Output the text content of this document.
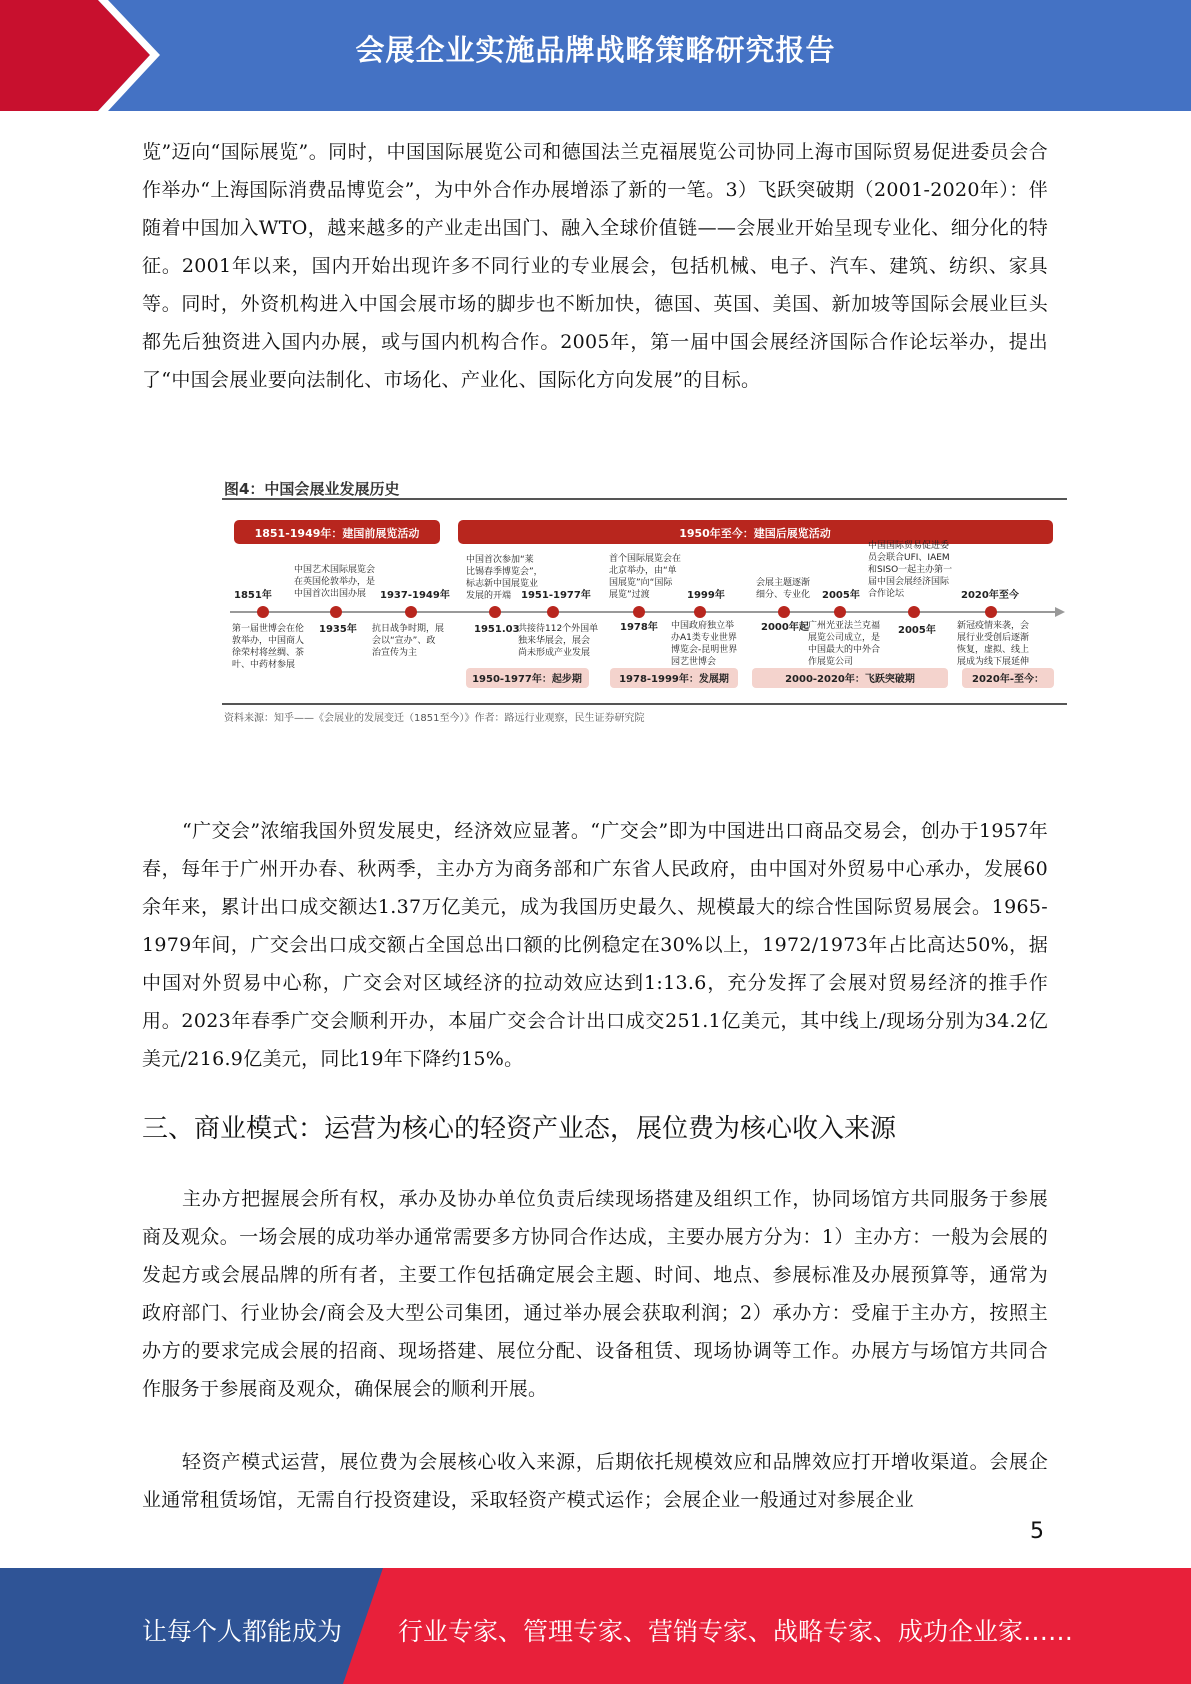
会展企业实施品牌战略策略研究报告

览”迈向“国际展览”。同时，中国国际展览公司和德国法兰克福展览公司协同上海市国际贸易促进委员会合作举办“上海国际消费品博览会”，为中外合作办展增添了新的一笔。3）飞跃突破期（2001-2020年）：伴随着中国加入WTO，越来越多的产业走出国门、融入全球价值链——会展业开始呈现专业化、细分化的特征。2001年以来，国内开始出现许多不同行业的专业展会，包括机械、电子、汽车、建筑、纺织、家具等。同时，外资机构进入中国会展市场的脚步也不断加快，德国、英国、美国、新加坡等国际会展业巨头都先后独资进入国内办展，或与国内机构合作。2005年，第一届中国会展经济国际合作论坛举办，提出了“中国会展业要向法制化、市场化、产业化、国际化方向发展”的目标。

图4：中国会展业发展历史
1851-1949年：建国前展览活动	1950年至今：建国后展览活动
1851年
1935年
1937-1949年
1951.03
1951-1977年
1978年
1999年
2000年起
2005年
2005年
2020年至今
第一届世博会在伦 敦举办，中国商人 徐荣村将丝绸、茶 叶、中药材参展
中国艺术国际展览会 在英国伦敦举办，是 中国首次出国办展
抗日战争时期，展 会以“宣办”、政 治宣传为主
中国首次参加“莱 比锡春季博览会”， 标志新中国展览业 发展的开端
共接待112个外国单 独来华展会，展会 尚未形成产业发展
首个国际展览会在 北京举办，由“单 国展览”向“国际 展览”过渡
中国政府独立举 办A1类专业世界 博览会-昆明世界 园艺世博会
会展主题逐渐 细分、专业化
广州光亚法兰克福 展览公司成立，是 中国最大的中外合 作展览公司
中国国际贸易促进委 员会联合UFI、IAEM 和SISO一起主办第一 届中国会展经济国际 合作论坛
新冠疫情来袭，会 展行业受创后逐渐 恢复，虚拟、线上 展成为线下展延伸
1950-1977年：起步期	1978-1999年：发展期	2000-2020年：飞跃突破期	2020年-至今：
资料来源：知乎——《会展业的发展变迁（1851至今）》作者：路远行业观察，民生证券研究院

“广交会”浓缩我国外贸发展史，经济效应显著。“广交会”即为中国进出口商品交易会，创办于1957年春，每年于广州开办春、秋两季，主办方为商务部和广东省人民政府，由中国对外贸易中心承办，发展60余年来，累计出口成交额达1.37万亿美元，成为我国历史最久、规模最大的综合性国际贸易展会。1965-1979年间，广交会出口成交额占全国总出口额的比例稳定在30%以上，1972/1973年占比高达50%，据中国对外贸易中心称，广交会对区域经济的拉动效应达到1:13.6，充分发挥了会展对贸易经济的推手作用。2023年春季广交会顺利开办，本届广交会合计出口成交251.1亿美元，其中线上/现场分别为34.2亿美元/216.9亿美元，同比19年下降约15%。

三、商业模式：运营为核心的轻资产业态，展位费为核心收入来源

主办方把握展会所有权，承办及协办单位负责后续现场搭建及组织工作，协同场馆方共同服务于参展商及观众。一场会展的成功举办通常需要多方协同合作达成，主要办展方分为：1）主办方：一般为会展的发起方或会展品牌的所有者，主要工作包括确定展会主题、时间、地点、参展标准及办展预算等，通常为政府部门、行业协会/商会及大型公司集团，通过举办展会获取利润；2）承办方：受雇于主办方，按照主办方的要求完成会展的招商、现场搭建、展位分配、设备租赁、现场协调等工作。办展方与场馆方共同合作服务于参展商及观众，确保展会的顺利开展。

轻资产模式运营，展位费为会展核心收入来源，后期依托规模效应和品牌效应打开增收渠道。会展企业通常租赁场馆，无需自行投资建设，采取轻资产模式运作；会展企业一般通过对参展企业

5
让每个人都能成为 行业专家、管理专家、营销专家、战略专家、成功企业家……
